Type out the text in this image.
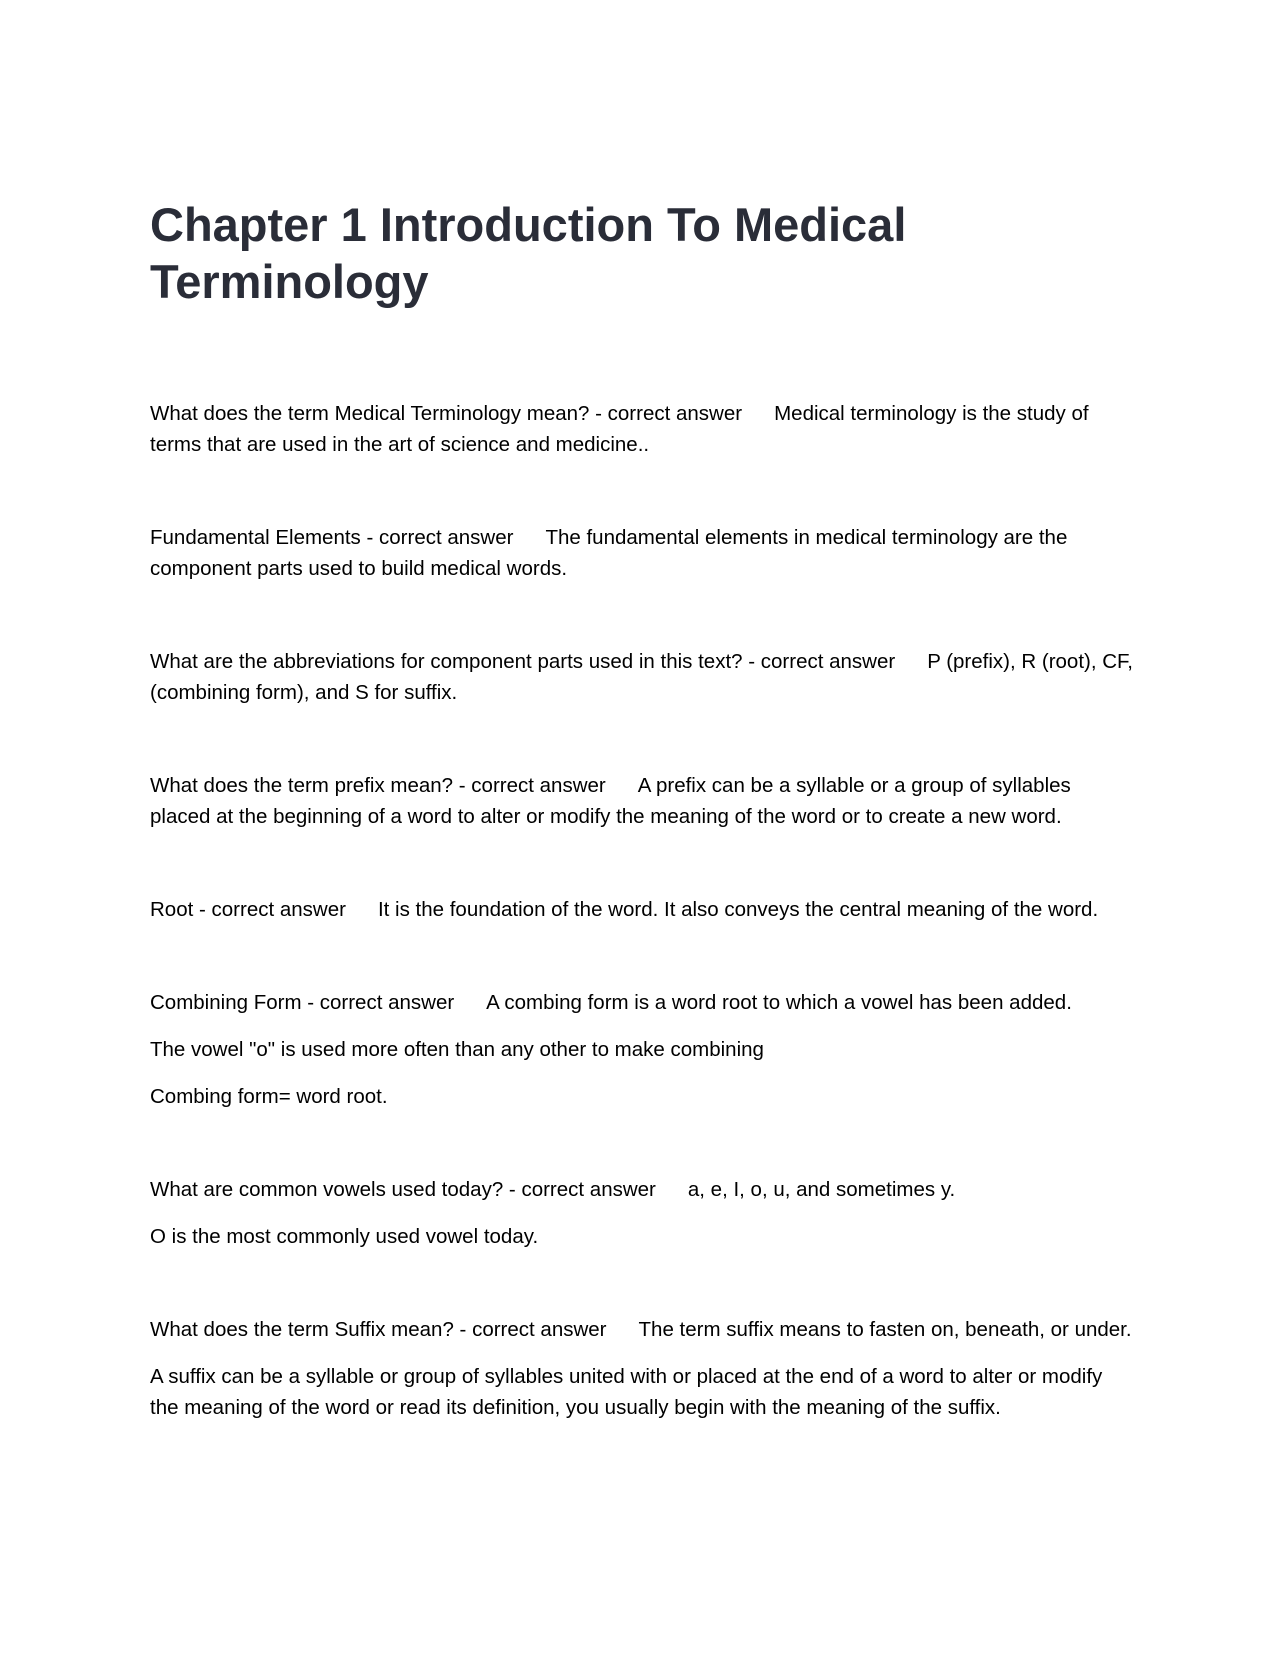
Chapter 1 Introduction To Medical Terminology

What does the term Medical Terminology mean? - correct answer Medical terminology is the study of terms that are used in the art of science and medicine..

Fundamental Elements - correct answer The fundamental elements in medical terminology are the component parts used to build medical words.

What are the abbreviations for component parts used in this text? - correct answer P (prefix), R (root), CF, (combining form), and S for suffix.

What does the term prefix mean? - correct answer A prefix can be a syllable or a group of syllables placed at the beginning of a word to alter or modify the meaning of the word or to create a new word.

Root - correct answer It is the foundation of the word. It also conveys the central meaning of the word.

Combining Form - correct answer A combing form is a word root to which a vowel has been added.

The vowel "o" is used more often than any other to make combining

Combing form= word root.

What are common vowels used today? - correct answer a, e, I, o, u, and sometimes y.

O is the most commonly used vowel today.

What does the term Suffix mean? - correct answer The term suffix means to fasten on, beneath, or under.

A suffix can be a syllable or group of syllables united with or placed at the end of a word to alter or modify the meaning of the word or read its definition, you usually begin with the meaning of the suffix.
